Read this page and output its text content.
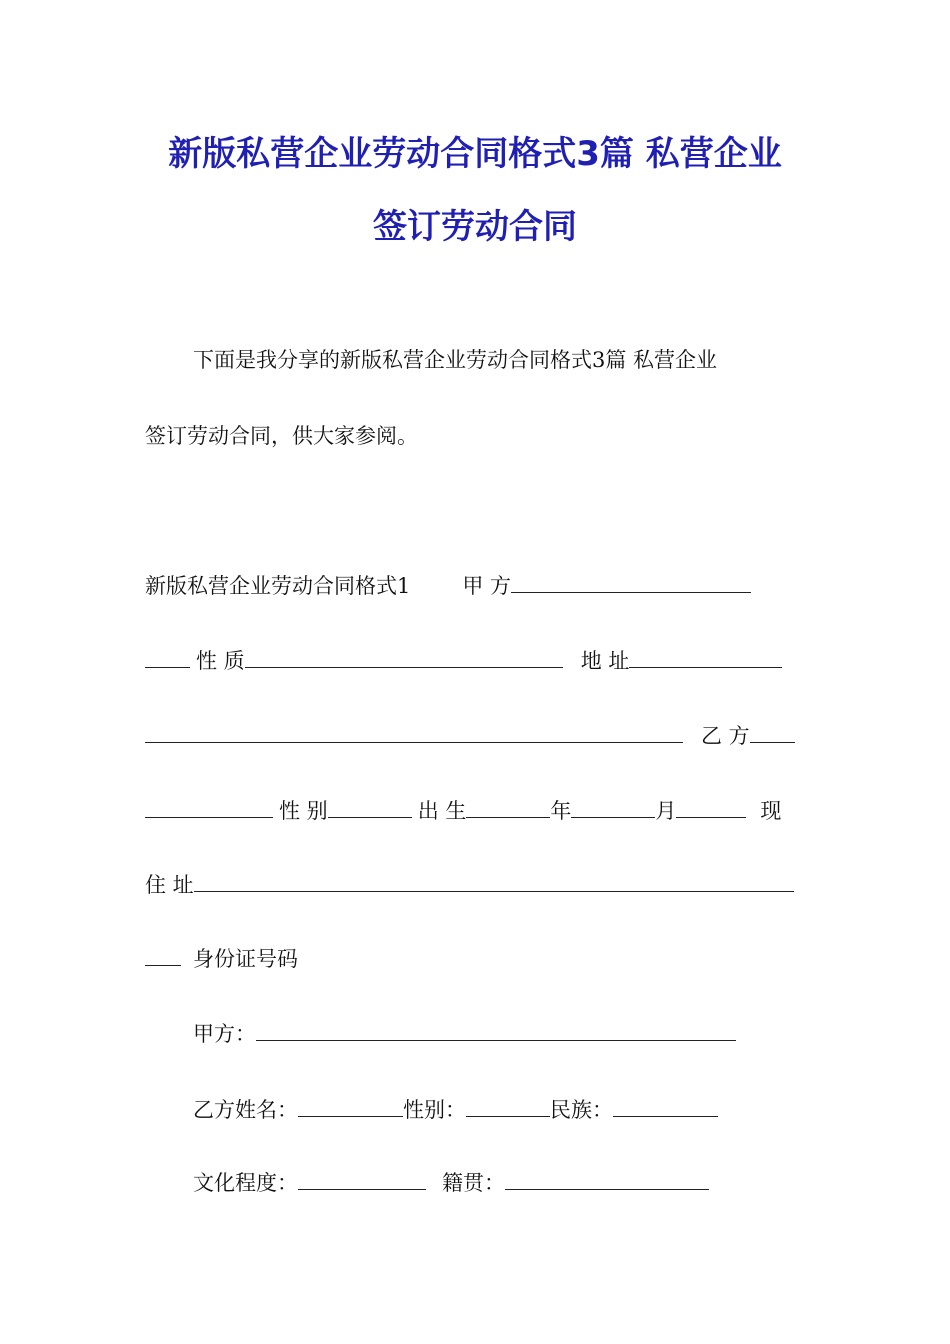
新版私营企业劳动合同格式3篇 私营企业
签订劳动合同
下面是我分享的新版私营企业劳动合同格式3篇 私营企业
签订劳动合同，供大家参阅。
新版私营企业劳动合同格式1 甲 方
性 质	地 址
乙 方
性 别	出 生	年	月	现
住 址
身份证号码
甲方：
乙方姓名：	性别：	民族：
文化程度：	籍贯：
